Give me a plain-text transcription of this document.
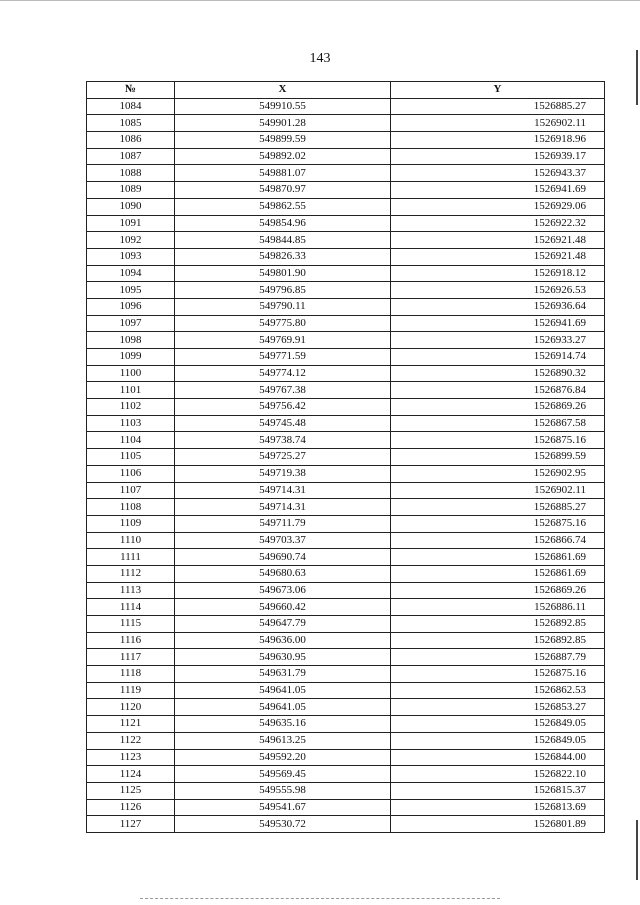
143
№	X	Y
1084	549910.55	1526885.27
1085	549901.28	1526902.11
1086	549899.59	1526918.96
1087	549892.02	1526939.17
1088	549881.07	1526943.37
1089	549870.97	1526941.69
1090	549862.55	1526929.06
1091	549854.96	1526922.32
1092	549844.85	1526921.48
1093	549826.33	1526921.48
1094	549801.90	1526918.12
1095	549796.85	1526926.53
1096	549790.11	1526936.64
1097	549775.80	1526941.69
1098	549769.91	1526933.27
1099	549771.59	1526914.74
1100	549774.12	1526890.32
1101	549767.38	1526876.84
1102	549756.42	1526869.26
1103	549745.48	1526867.58
1104	549738.74	1526875.16
1105	549725.27	1526899.59
1106	549719.38	1526902.95
1107	549714.31	1526902.11
1108	549714.31	1526885.27
1109	549711.79	1526875.16
1110	549703.37	1526866.74
1111	549690.74	1526861.69
1112	549680.63	1526861.69
1113	549673.06	1526869.26
1114	549660.42	1526886.11
1115	549647.79	1526892.85
1116	549636.00	1526892.85
1117	549630.95	1526887.79
1118	549631.79	1526875.16
1119	549641.05	1526862.53
1120	549641.05	1526853.27
1121	549635.16	1526849.05
1122	549613.25	1526849.05
1123	549592.20	1526844.00
1124	549569.45	1526822.10
1125	549555.98	1526815.37
1126	549541.67	1526813.69
1127	549530.72	1526801.89
